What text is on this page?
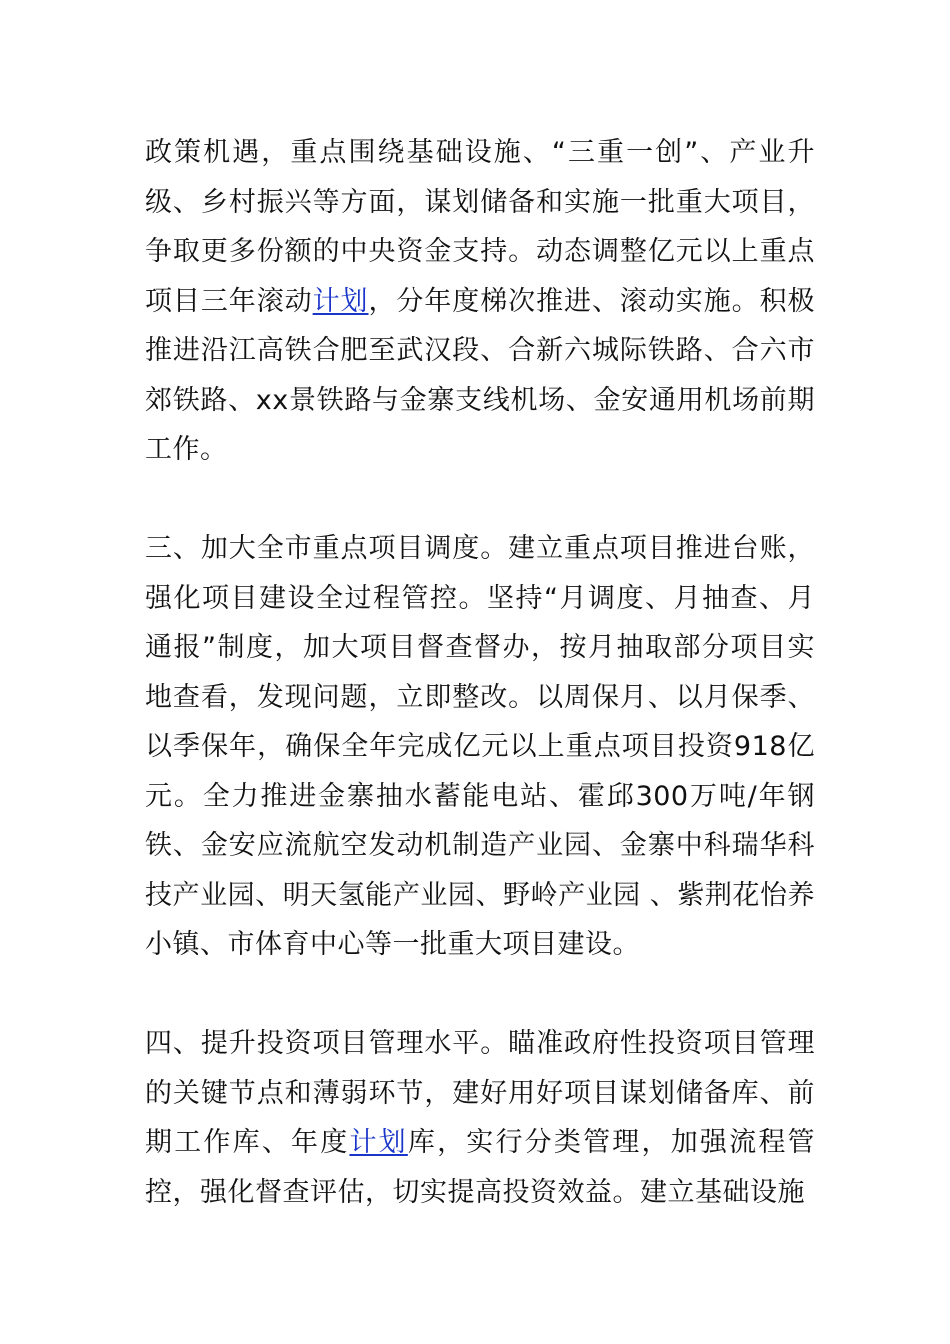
政策机遇，重点围绕基础设施、“三重一创”、产业升级、乡村振兴等方面，谋划储备和实施一批重大项目，争取更多份额的中央资金支持。动态调整亿元以上重点项目三年滚动计划，分年度梯次推进、滚动实施。积极推进沿江高铁合肥至武汉段、合新六城际铁路、合六市郊铁路、xx景铁路与金寨支线机场、金安通用机场前期工作。

三、加大全市重点项目调度。建立重点项目推进台账，强化项目建设全过程管控。坚持“月调度、月抽查、月通报”制度，加大项目督查督办，按月抽取部分项目实地查看，发现问题，立即整改。以周保月、以月保季、以季保年，确保全年完成亿元以上重点项目投资918亿元。全力推进金寨抽水蓄能电站、霍邱300万吨/年钢铁、金安应流航空发动机制造产业园、金寨中科瑞华科技产业园、明天氢能产业园、野岭产业园 、紫荆花怡养小镇、市体育中心等一批重大项目建设。

四、提升投资项目管理水平。瞄准政府性投资项目管理的关键节点和薄弱环节，建好用好项目谋划储备库、前期工作库、年度计划库，实行分类管理，加强流程管控，强化督查评估，切实提高投资效益。建立基础设施
